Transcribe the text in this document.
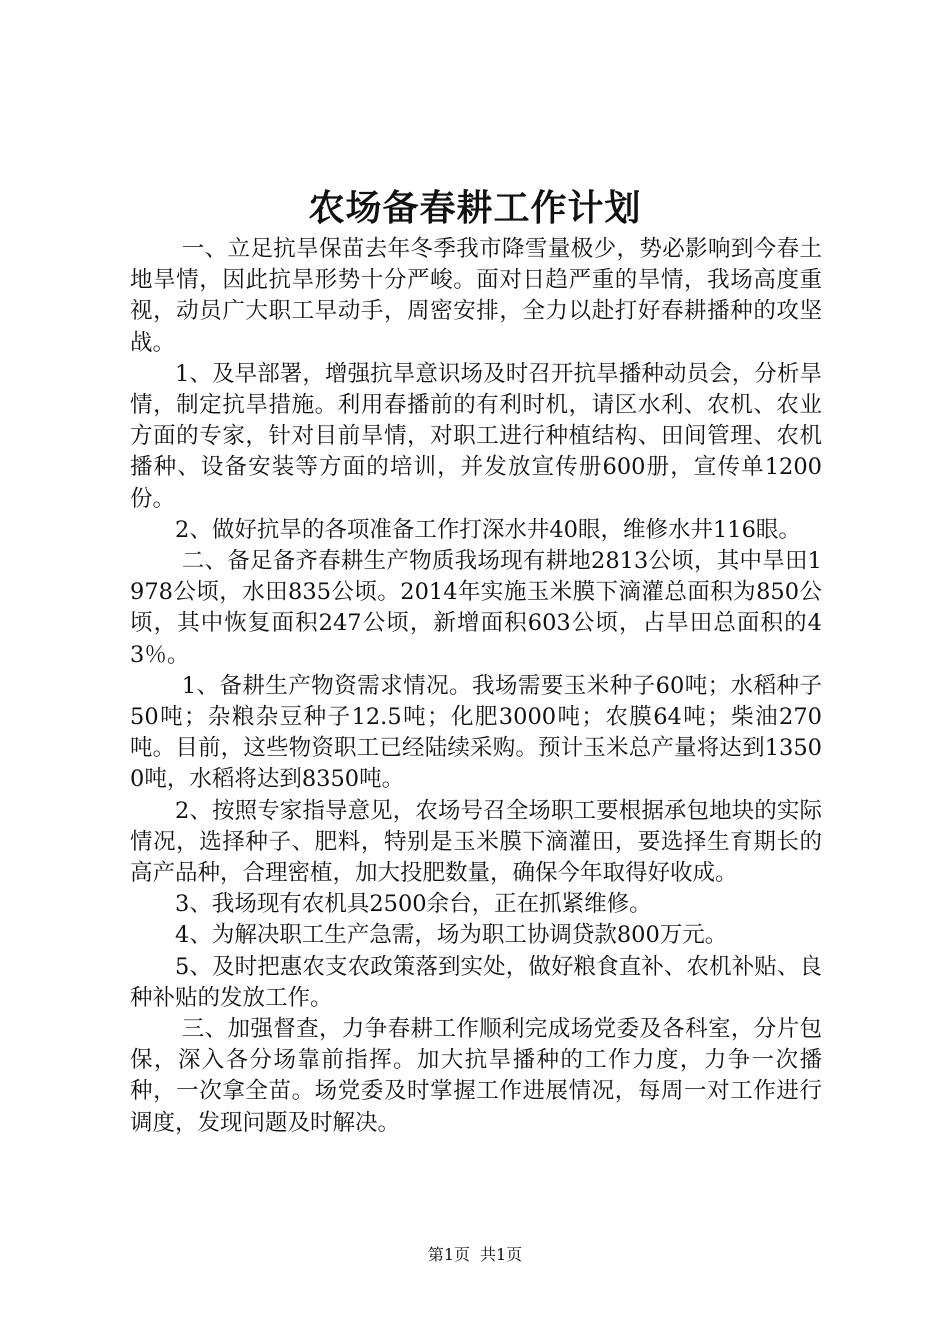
农场备春耕工作计划

一、立足抗旱保苗去年冬季我市降雪量极少，势必影响到今春土地旱情，因此抗旱形势十分严峻。面对日趋严重的旱情，我场高度重视，动员广大职工早动手，周密安排，全力以赴打好春耕播种的攻坚战。

1、及早部署，增强抗旱意识场及时召开抗旱播种动员会，分析旱情，制定抗旱措施。利用春播前的有利时机，请区水利、农机、农业方面的专家，针对目前旱情，对职工进行种植结构、田间管理、农机播种、设备安装等方面的培训，并发放宣传册600册，宣传单1200份。

2、做好抗旱的各项准备工作打深水井40眼，维修水井116眼。

二、备足备齐春耕生产物质我场现有耕地2813公顷，其中旱田1978公顷，水田835公顷。2014年实施玉米膜下滴灌总面积为850公顷，其中恢复面积247公顷，新增面积603公顷，占旱田总面积的43％。

1、备耕生产物资需求情况。我场需要玉米种子60吨；水稻种子50吨；杂粮杂豆种子12.5吨；化肥3000吨；农膜64吨；柴油270吨。目前，这些物资职工已经陆续采购。预计玉米总产量将达到13500吨，水稻将达到8350吨。

2、按照专家指导意见，农场号召全场职工要根据承包地块的实际情况，选择种子、肥料，特别是玉米膜下滴灌田，要选择生育期长的高产品种，合理密植，加大投肥数量，确保今年取得好收成。

3、我场现有农机具2500余台，正在抓紧维修。

4、为解决职工生产急需，场为职工协调贷款800万元。

5、及时把惠农支农政策落到实处，做好粮食直补、农机补贴、良种补贴的发放工作。

三、加强督查，力争春耕工作顺利完成场党委及各科室，分片包保，深入各分场靠前指挥。加大抗旱播种的工作力度，力争一次播种，一次拿全苗。场党委及时掌握工作进展情况，每周一对工作进行调度，发现问题及时解决。

第1页 共1页
